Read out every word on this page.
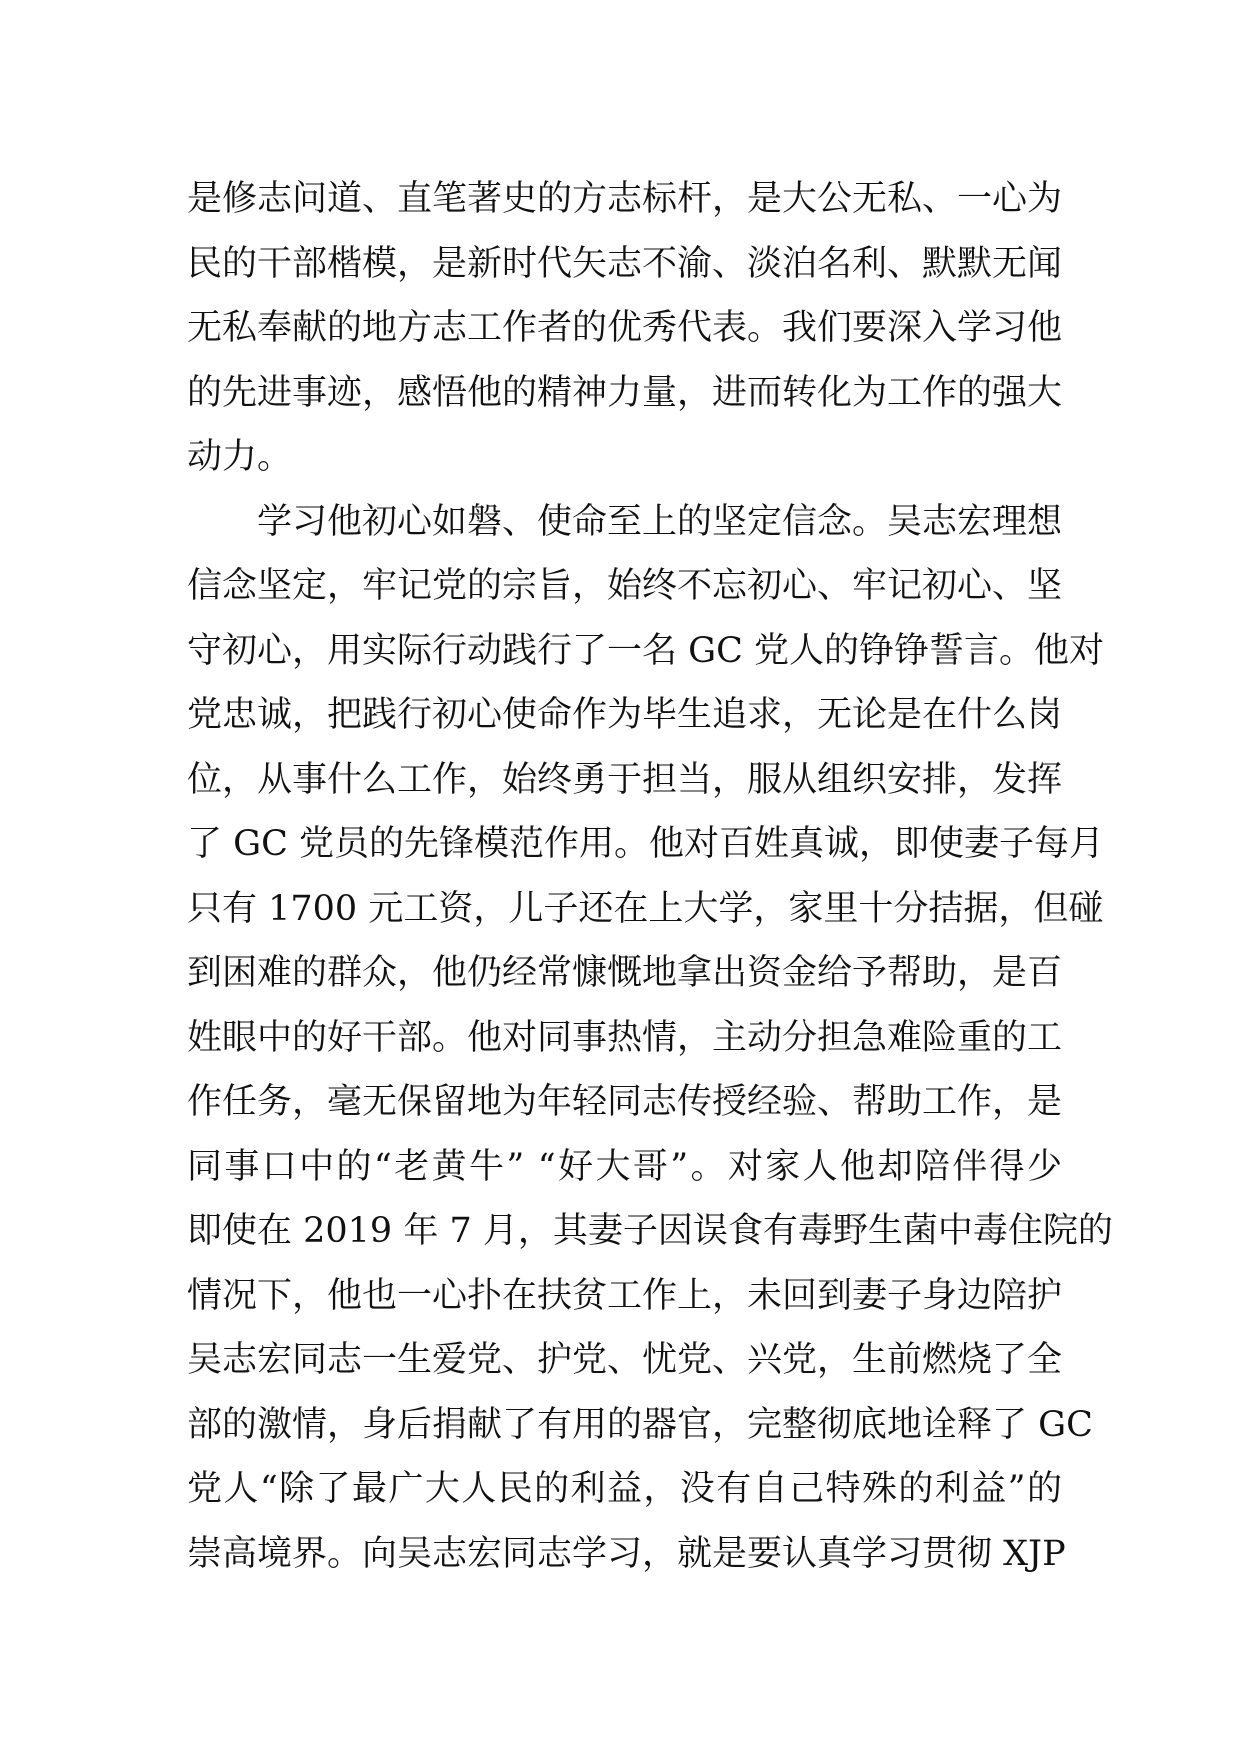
是修志问道、直笔著史的方志标杆，是大公无私、一心为
民的干部楷模，是新时代矢志不渝、淡泊名利、默默无闻
无私奉献的地方志工作者的优秀代表。我们要深入学习他
的先进事迹，感悟他的精神力量，进而转化为工作的强大
动力。
学习他初心如磐、使命至上的坚定信念。吴志宏理想
信念坚定，牢记党的宗旨，始终不忘初心、牢记初心、坚
守初心，用实际行动践行了一名 GC 党人的铮铮誓言。他对
党忠诚，把践行初心使命作为毕生追求，无论是在什么岗
位，从事什么工作，始终勇于担当，服从组织安排，发挥
了 GC 党员的先锋模范作用。他对百姓真诚，即使妻子每月
只有 1700 元工资，儿子还在上大学，家里十分拮据，但碰
到困难的群众，他仍经常慷慨地拿出资金给予帮助，是百
姓眼中的好干部。他对同事热情，主动分担急难险重的工
作任务，毫无保留地为年轻同志传授经验、帮助工作，是
同事口中的“老黄牛” “好大哥”。对家人他却陪伴得少
即使在 2019 年 7 月，其妻子因误食有毒野生菌中毒住院的
情况下，他也一心扑在扶贫工作上，未回到妻子身边陪护
吴志宏同志一生爱党、护党、忧党、兴党，生前燃烧了全
部的激情，身后捐献了有用的器官，完整彻底地诠释了 GC
党人“除了最广大人民的利益，没有自己特殊的利益”的
崇高境界。向吴志宏同志学习，就是要认真学习贯彻 XJP
